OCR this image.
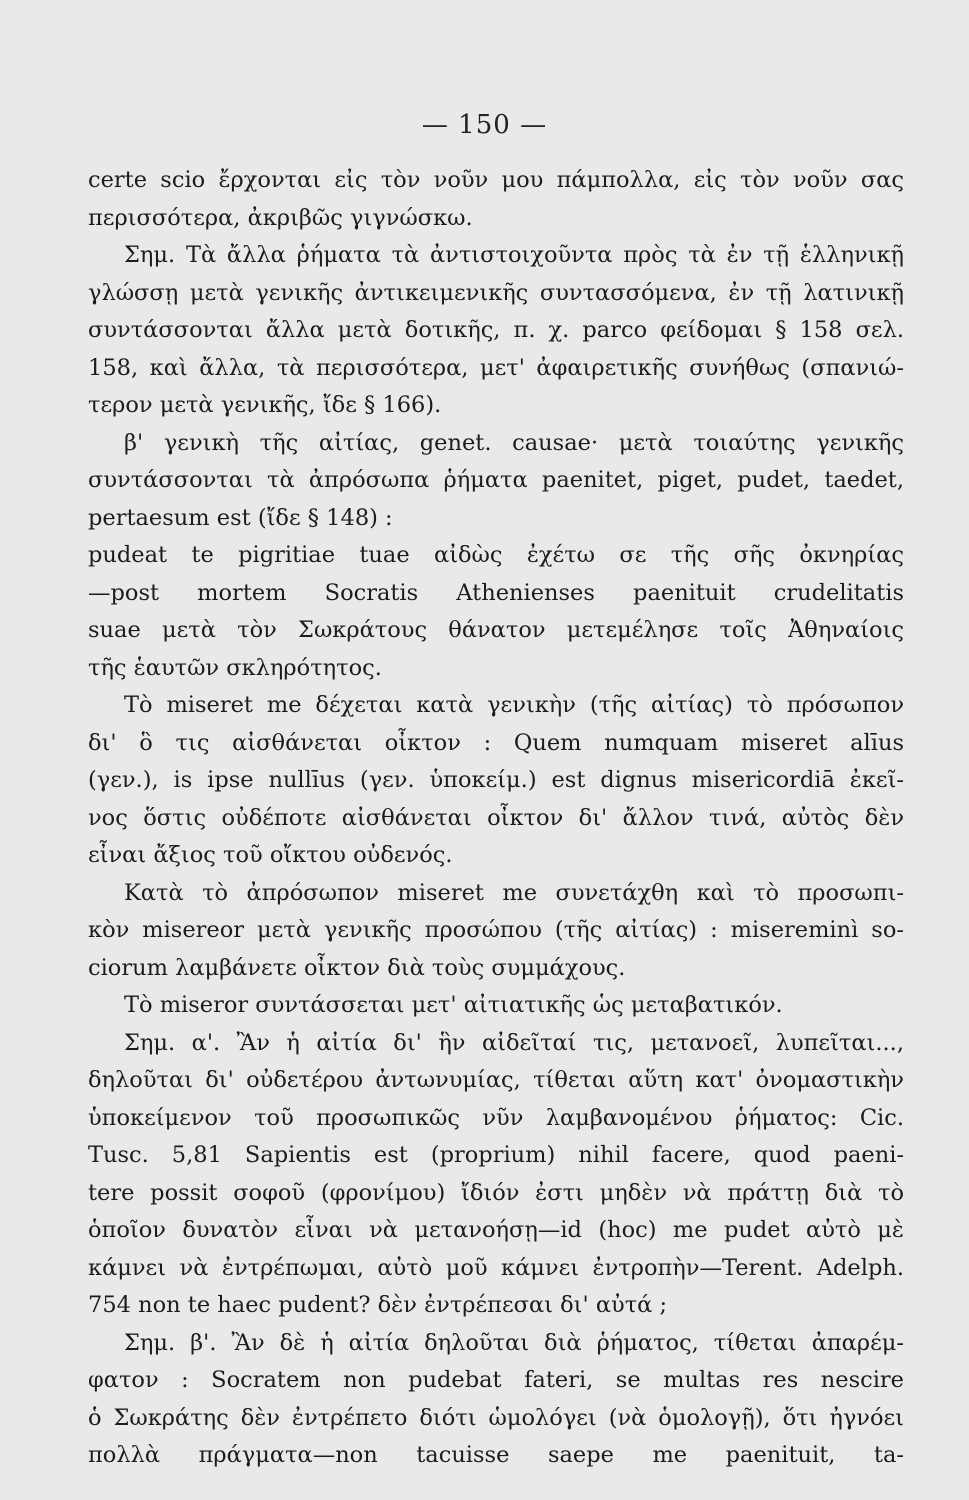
— 150 —
certe scio ἔρχονται εἰς τὸν νοῦν μου πάμπολλα, εἰς τὸν νοῦν σας
περισσότερα, ἀκριβῶς γιγνώσκω.
Σημ. Τὰ ἄλλα ῥήματα τὰ ἀντιστοιχοῦντα πρὸς τὰ ἐν τῇ ἑλληνικῇ
γλώσσῃ μετὰ γενικῆς ἀντικειμενικῆς συντασσόμενα, ἐν τῇ λατινικῇ
συντάσσονται ἄλλα μετὰ δοτικῆς, π. χ. parco φείδομαι § 158 σελ.
158, καὶ ἄλλα, τὰ περισσότερα, μετ' ἀφαιρετικῆς συνήθως (σπανιώ-
τερον μετὰ γενικῆς, ἴδε § 166).
β' γενικὴ τῆς αἰτίας, genet. causae· μετὰ τοιαύτης γενικῆς
συντάσσονται τὰ ἀπρόσωπα ῥήματα paenitet, piget, pudet, taedet,
pertaesum est (ἴδε § 148) :
pudeat te pigritiae tuae αἰδὼς ἐχέτω σε τῆς σῆς ὀκνηρίας
—post mortem Socratis Athenienses paenituit crudelitatis
suae μετὰ τὸν Σωκράτους θάνατον μετεμέλησε τοῖς Ἀθηναίοις
τῆς ἑαυτῶν σκληρότητος.
Τὸ miseret me δέχεται κατὰ γενικὴν (τῆς αἰτίας) τὸ πρόσωπον
δι' ὃ τις αἰσθάνεται οἶκτον : Quem numquam miseret alīus
(γεν.), is ipse nullīus (γεν. ὑποκείμ.) est dignus misericordiā ἐκεῖ-
νος ὅστις οὐδέποτε αἰσθάνεται οἶκτον δι' ἄλλον τινά, αὐτὸς δὲν
εἶναι ἄξιος τοῦ οἴκτου οὐδενός.
Κατὰ τὸ ἀπρόσωπον miseret me συνετάχθη καὶ τὸ προσωπι-
κὸν misereor μετὰ γενικῆς προσώπου (τῆς αἰτίας) : misereminì so-
ciorum λαμβάνετε οἶκτον διὰ τοὺς συμμάχους.
Τὸ miseror συντάσσεται μετ' αἰτιατικῆς ὡς μεταβατικόν.
Σημ. α'. Ἂν ἡ αἰτία δι' ἣν αἰδεῖταί τις, μετανοεῖ, λυπεῖται...,
δηλοῦται δι' οὐδετέρου ἀντωνυμίας, τίθεται αὕτη κατ' ὀνομαστικὴν
ὑποκείμενον τοῦ προσωπικῶς νῦν λαμβανομένου ῥήματος: Cic.
Tusc. 5,81 Sapientis est (proprium) nihil facere, quod paeni-
tere possit σοφοῦ (φρονίμου) ἴδιόν ἐστι μηδὲν νὰ πράττῃ διὰ τὸ
ὁποῖον δυνατὸν εἶναι νὰ μετανοήσῃ—id (hoc) me pudet αὐτὸ μὲ
κάμνει νὰ ἐντρέπωμαι, αὐτὸ μοῦ κάμνει ἐντροπὴν—Terent. Adelph.
754 non te haec pudent? δὲν ἐντρέπεσαι δι' αὐτά ;
Σημ. β'. Ἂν δὲ ἡ αἰτία δηλοῦται διὰ ῥήματος, τίθεται ἀπαρέμ-
φατον : Socratem non pudebat fateri, se multas res nescire
ὁ Σωκράτης δὲν ἐντρέπετο διότι ὡμολόγει (νὰ ὁμολογῇ), ὅτι ἠγνόει
πολλὰ πράγματα—non tacuisse saepe me paenituit, ta-
